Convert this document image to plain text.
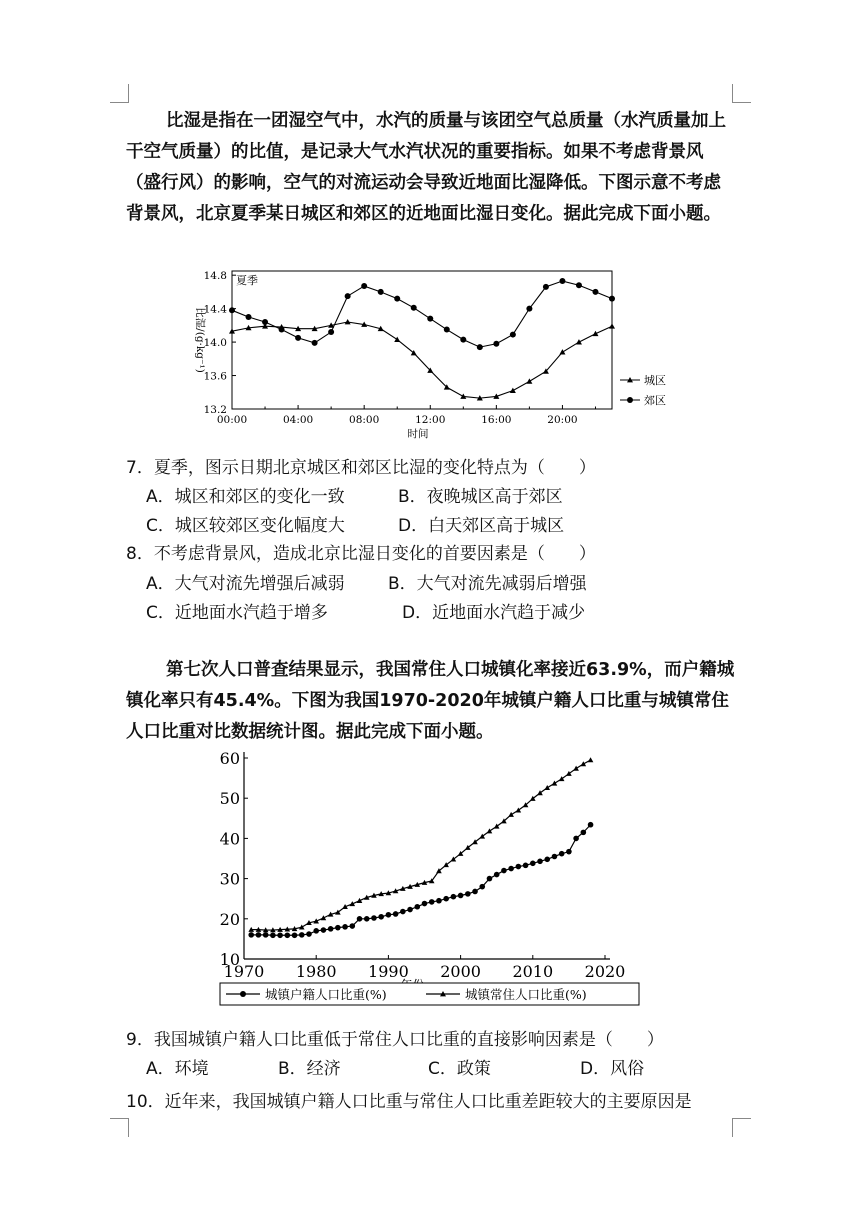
比湿是指在一团湿空气中，水汽的质量与该团空气总质量（水汽质量加上干空气质量）的比值，是记录大气水汽状况的重要指标。如果不考虑背景风（盛行风）的影响，空气的对流运动会导致近地面比湿降低。下图示意不考虑背景风，北京夏季某日城区和郊区的近地面比湿日变化。据此完成下面小题。

13.2
13.6
14.0
14.4
14.8
00:00	04:00	08:00	12:00	16:00	20:00
时间
比湿/(g·kg⁻¹)
夏季
城区
郊区

7．夏季，图示日期北京城区和郊区比湿的变化特点为（　　）

A．城区和郊区的变化一致	B．夜晚城区高于郊区

C．城区较郊区变化幅度大	D．白天郊区高于城区

8．不考虑背景风，造成北京比湿日变化的首要因素是（　　）

A．大气对流先增强后减弱	B．大气对流先减弱后增强

C．近地面水汽趋于增多	D．近地面水汽趋于减少

第七次人口普查结果显示，我国常住人口城镇化率接近63.9%，而户籍城镇化率只有45.4%。下图为我国1970-2020年城镇户籍人口比重与城镇常住人口比重对比数据统计图。据此完成下面小题。

10
20
30
40
50
60
1970 1980 1990 2000 2010 2020
城镇户籍人口比重(%)	城镇常住人口比重(%)

9．我国城镇户籍人口比重低于常住人口比重的直接影响因素是（　　）

A．环境	B．经济	C．政策	D．风俗

10．近年来，我国城镇户籍人口比重与常住人口比重差距较大的主要原因是
